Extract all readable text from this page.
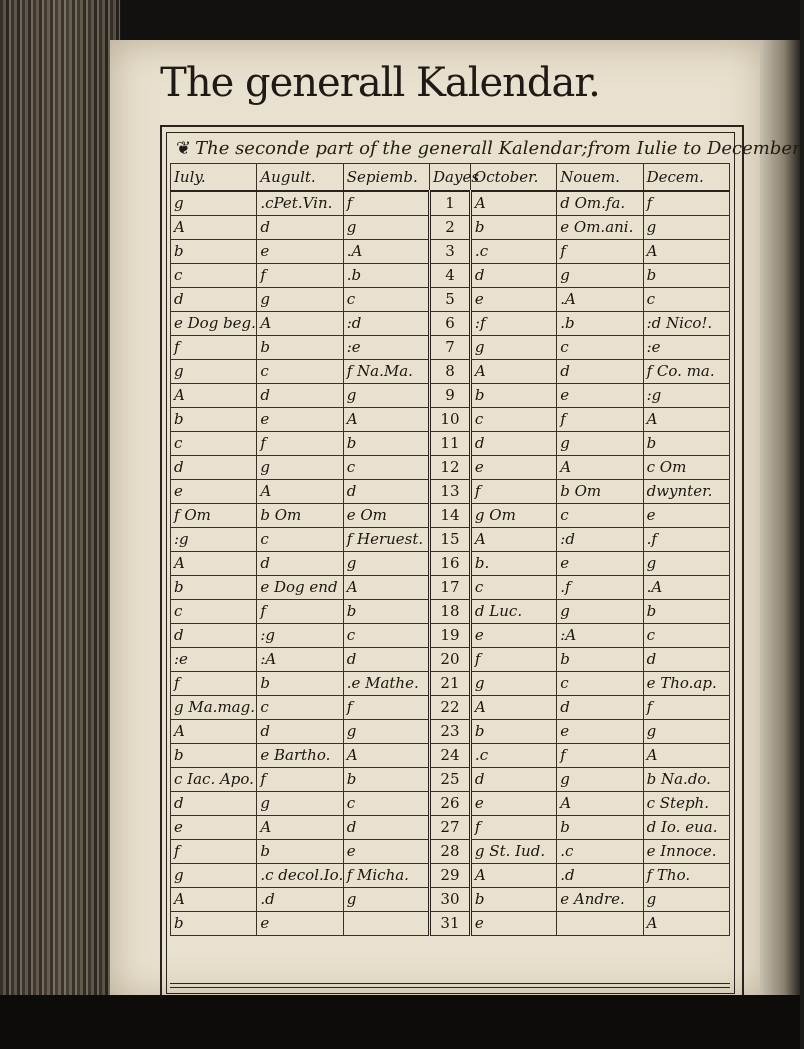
The generall Kalendar.
❦ The seconde part of the generall Kalendar;from Iulie to December.
Iuly.	Augult.	Sepiemb.	Dayes	October.	Nouem.	Decem.
g	.cPet.Vin.	f	1	A	d Om.fa.	f
A	d	g	2	b	e Om.ani.	g
b	e	.A	3	.c	f	A
c	f	.b	4	d	g	b
d	g	c	5	e	.A	c
e Dog beg.	A	:d	6	:f	.b	:d Nico!.
f	b	:e	7	g	c	:e
g	c	f Na.Ma.	8	A	d	f Co. ma.
A	d	g	9	b	e	:g
b	e	A	10	c	f	A
c	f	b	11	d	g	b
d	g	c	12	e	A	c Om
e	A	d	13	f	b Om	dwynter.
f Om	b Om	e Om	14	g Om	c	e
:g	c	f Heruest.	15	A	:d	.f
A	d	g	16	b.	e	g
b	e Dog end	A	17	c	.f	.A
c	f	b	18	d Luc.	g	b
d	:g	c	19	e	:A	c
:e	:A	d	20	f	b	d
f	b	.e Mathe.	21	g	c	e Tho.ap.
g Ma.mag.	c	f	22	A	d	f
A	d	g	23	b	e	g
b	e Bartho.	A	24	.c	f	A
c Iac. Apo.	f	b	25	d	g	b Na.do.
d	g	c	26	e	A	c Steph.
e	A	d	27	f	b	d Io. eua.
f	b	e	28	g St. Iud.	.c	e Innoce.
g	.c decol.Io.	f Micha.	29	A	.d	f Tho.
A	.d	g	30	b	e Andre.	g
b	e		31	e		A
